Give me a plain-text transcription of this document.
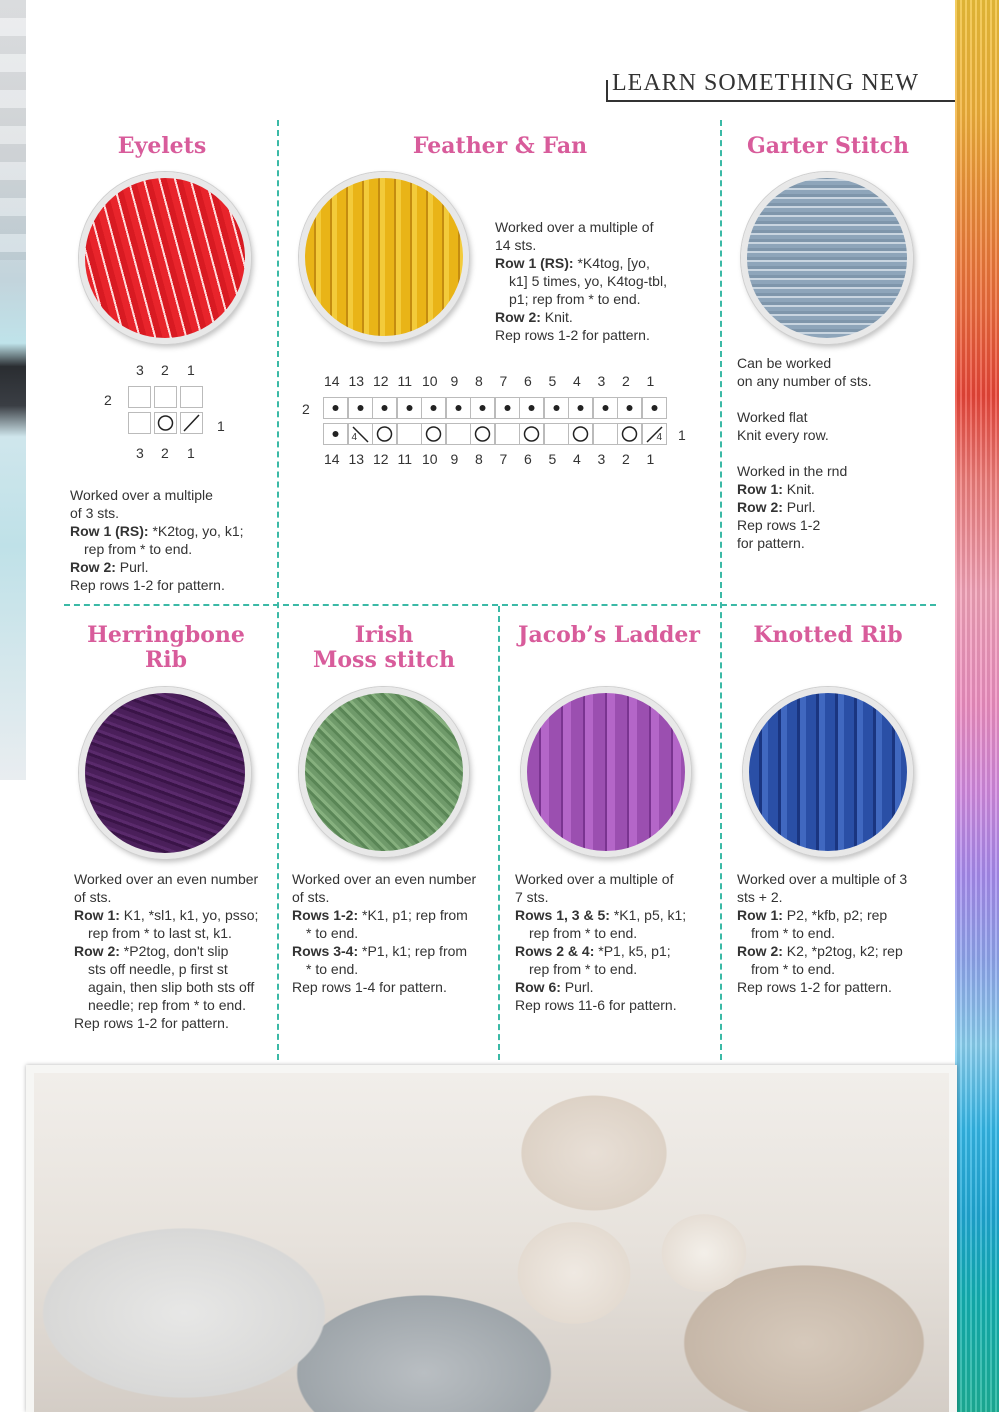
LEARN SOMETHING NEW
Eyelets
3 2 1
2
1
3 2 1
Worked over a multiple
of 3 sts.
Row 1 (RS): *K2tog, yo, k1;
rep from * to end.
Row 2: Purl.
Rep rows 1-2 for pattern.
Feather & Fan
Worked over a multiple of
14 sts.
Row 1 (RS): *K4tog, [yo,
k1] 5 times, yo, K4tog-tbl,
p1; rep from * to end.
Row 2: Knit.
Rep rows 1-2 for pattern.
2
1
14
14
13
13
4
12
12
11
11
10
10
9
9
8
8
7
7
6
6
5
5
4
4
3
3
2
2
1
1
4
Garter Stitch
Can be worked
on any number of sts.
Worked flat
Knit every row.
Worked in the rnd
Row 1: Knit.
Row 2: Purl.
Rep rows 1-2
for pattern.
Herringbone
Rib
Worked over an even number
of sts.
Row 1: K1, *sl1, k1, yo, psso;
rep from * to last st, k1.
Row 2: *P2tog, don't slip
sts off needle, p first st
again, then slip both sts off
needle; rep from * to end.
Rep rows 1-2 for pattern.
Irish
Moss stitch
Worked over an even number
of sts.
Rows 1-2: *K1, p1; rep from
* to end.
Rows 3-4: *P1, k1; rep from
* to end.
Rep rows 1-4 for pattern.
Jacob’s Ladder
Worked over a multiple of
7 sts.
Rows 1, 3 & 5: *K1, p5, k1;
rep from * to end.
Rows 2 & 4: *P1, k5, p1;
rep from * to end.
Row 6: Purl.
Rep rows 11-6 for pattern.
Knotted Rib
Worked over a multiple of 3
sts + 2.
Row 1: P2, *kfb, p2; rep
from * to end.
Row 2: K2, *p2tog, k2; rep
from * to end.
Rep rows 1-2 for pattern.
